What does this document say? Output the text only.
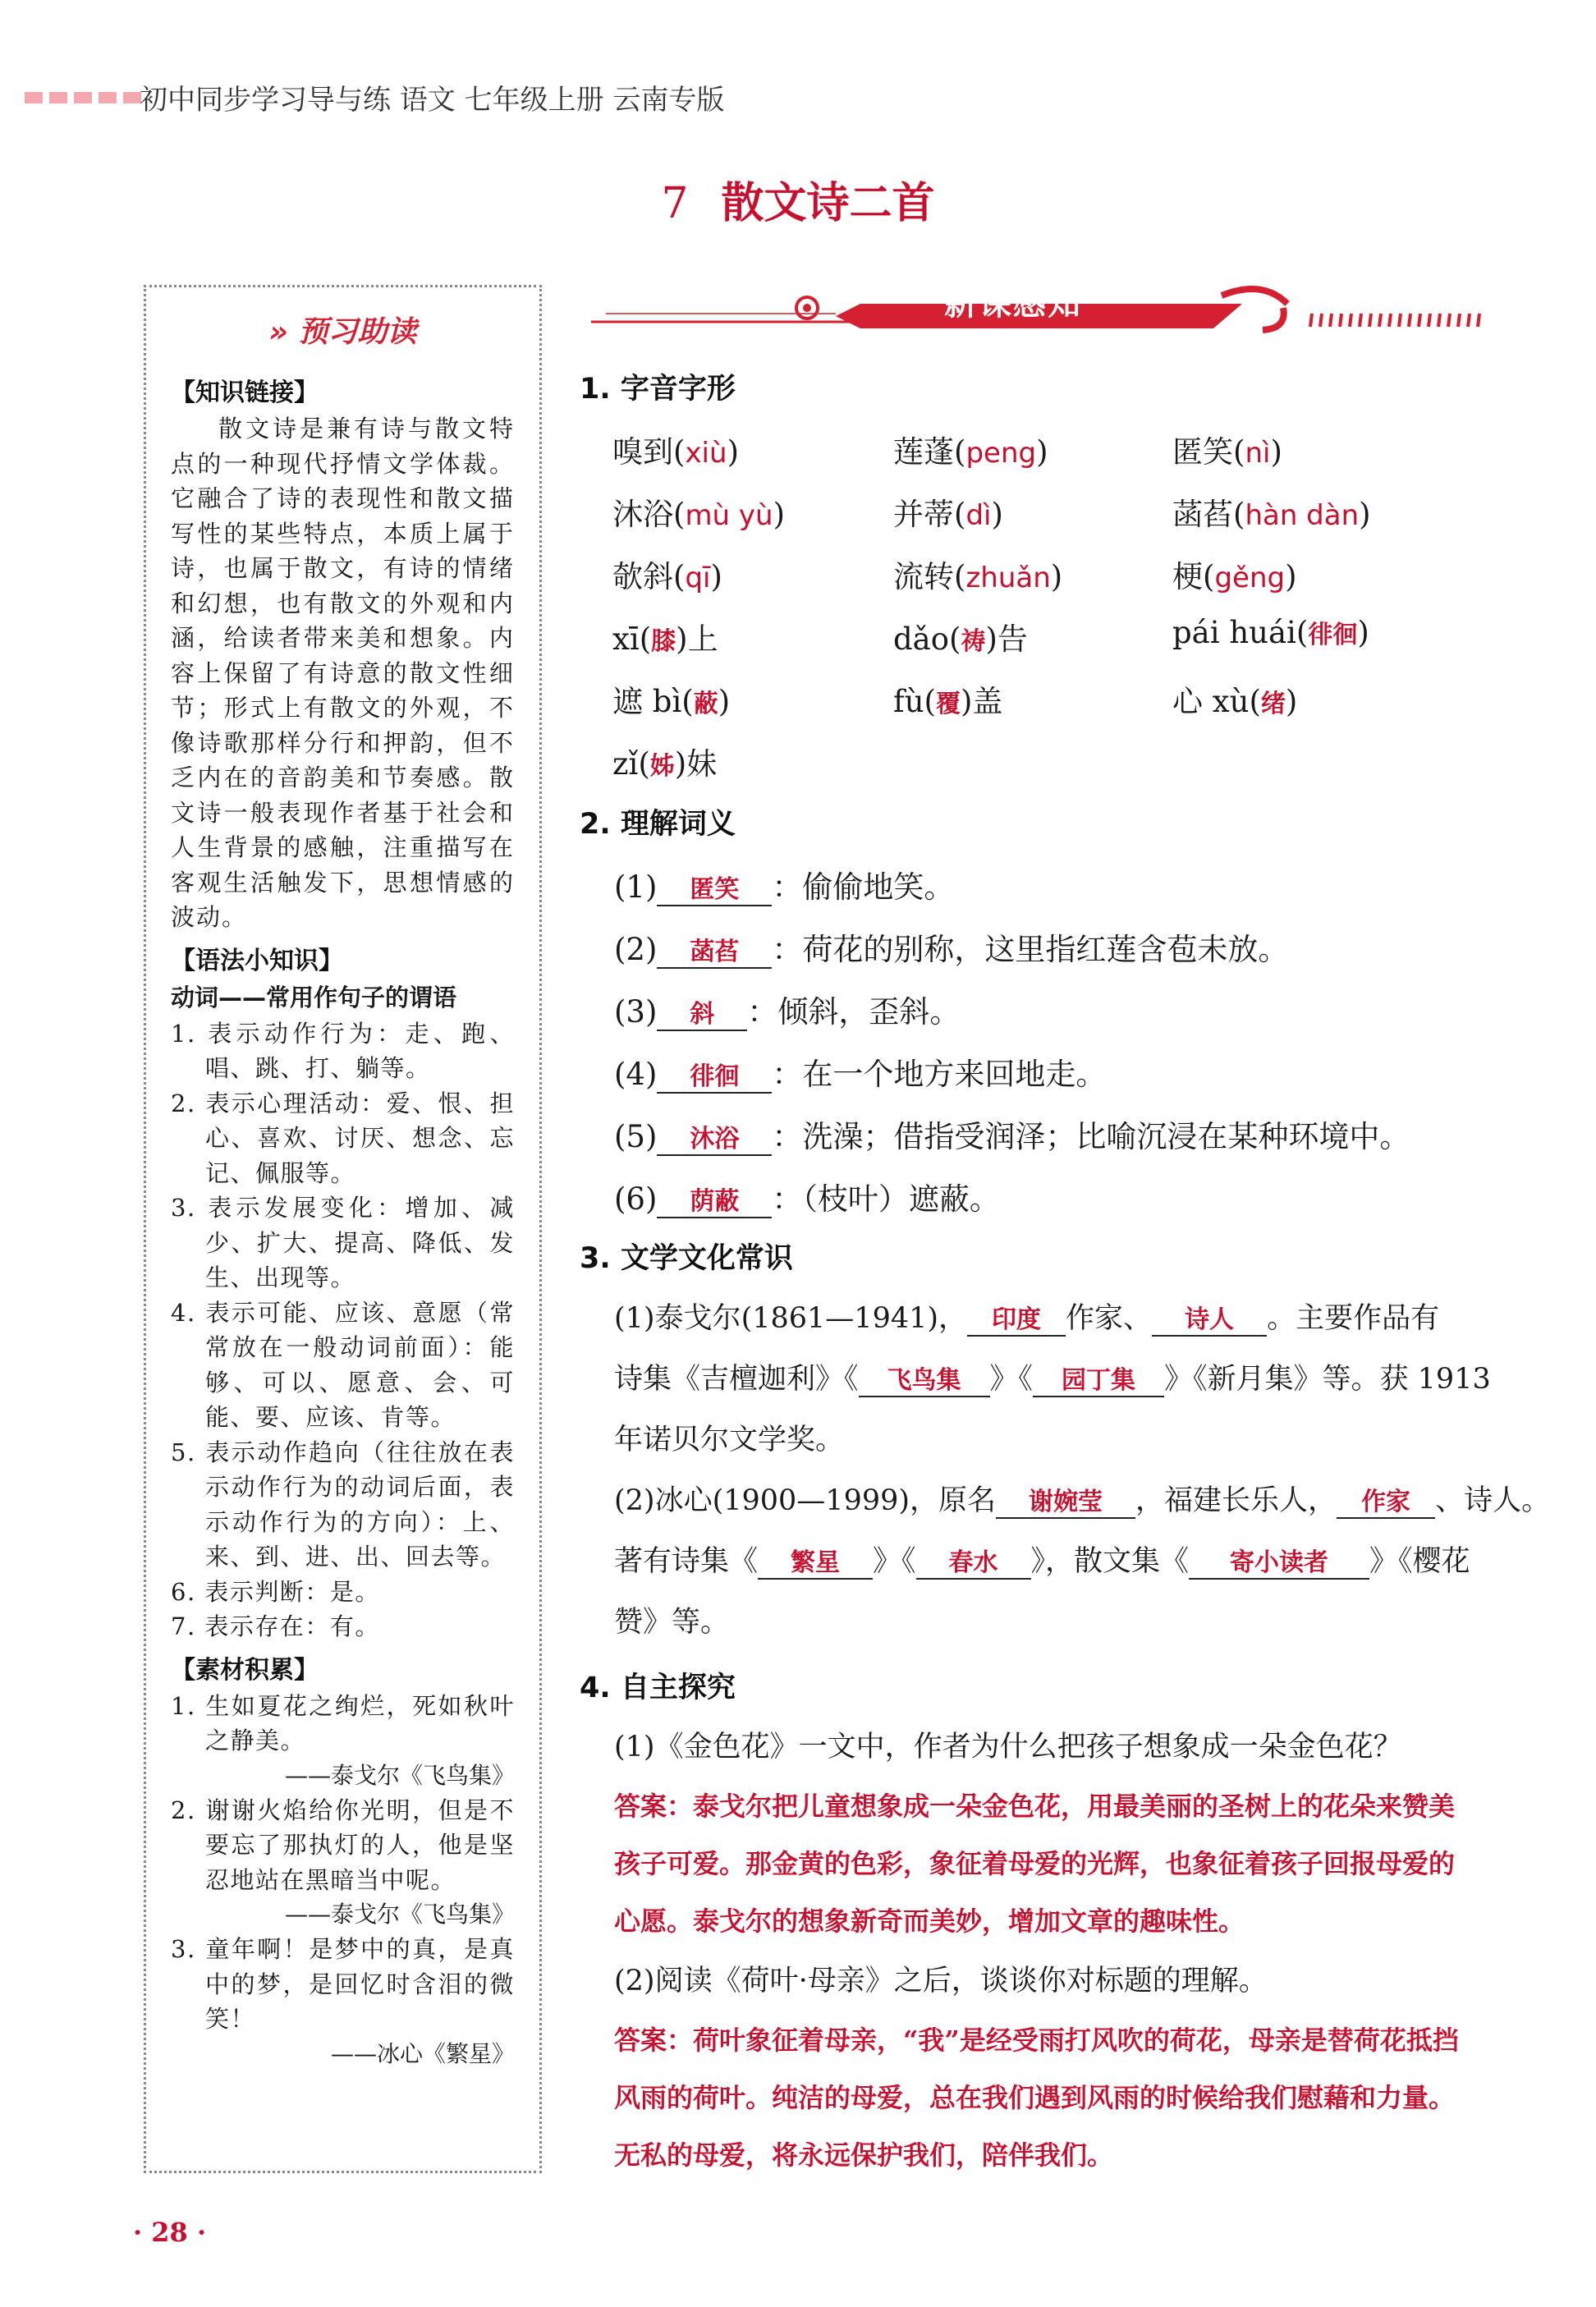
初中同步学习导与练 语文 七年级上册 云南专版
7 散文诗二首
» 预习助读
【知识链接】

散文诗是兼有诗与散文特点的一种现代抒情文学体裁。它融合了诗的表现性和散文描写性的某些特点，本质上属于诗，也属于散文，有诗的情绪和幻想，也有散文的外观和内涵，给读者带来美和想象。内容上保留了有诗意的散文性细节；形式上有散文的外观，不像诗歌那样分行和押韵，但不乏内在的音韵美和节奏感。散文诗一般表现作者基于社会和人生背景的感触，注重描写在客观生活触发下，思想情感的波动。

【语法小知识】
动词——常用作句子的谓语
1. 表示动作行为：走、跑、唱、跳、打、躺等。
2. 表示心理活动：爱、恨、担心、喜欢、讨厌、想念、忘记、佩服等。
3. 表示发展变化：增加、减少、扩大、提高、降低、发生、出现等。
4. 表示可能、应该、意愿（常常放在一般动词前面）：能够、可以、愿意、会、可能、要、应该、肯等。
5. 表示动作趋向（往往放在表示动作行为的动词后面，表示动作行为的方向）：上、来、到、进、出、回去等。
6. 表示判断：是。
7. 表示存在：有。
【素材积累】
1. 生如夏花之绚烂，死如秋叶之静美。
——泰戈尔《飞鸟集》
2. 谢谢火焰给你光明，但是不要忘了那执灯的人，他是坚忍地站在黑暗当中呢。
——泰戈尔《飞鸟集》
3. 童年啊！是梦中的真，是真中的梦，是回忆时含泪的微笑！
——冰心《繁星》
新课感知
1. 字音字形
嗅到(xiù)	莲蓬(peng)	匿笑(nì)
沐浴(mù yù)	并蒂(dì)	菡萏(hàn dàn)
欹斜(qī)	流转(zhuǎn)	梗(gěng)
xī(膝)上	dǎo(祷)告	pái huái(徘徊)
遮 bì(蔽)	fù(覆)盖	心 xù(绪)
zǐ(姊)妹
2. 理解词义
(1) 匿笑 ：偷偷地笑。
(2) 菡萏 ：荷花的别称，这里指红莲含苞未放。
(3) 斜 ：倾斜，歪斜。
(4) 徘徊 ：在一个地方来回地走。
(5) 沐浴 ：洗澡；借指受润泽；比喻沉浸在某种环境中。
(6) 荫蔽 ：（枝叶）遮蔽。
3. 文学文化常识
(1)泰戈尔(1861—1941)， 印度 作家、 诗人 。主要作品有
诗集《吉檀迦利》《 飞鸟集 》《 园丁集 》《新月集》等。获 1913
年诺贝尔文学奖。
(2)冰心(1900—1999)，原名 谢婉莹 ，福建长乐人， 作家 、诗人。
著有诗集《 繁星 》《 春水 》，散文集《 寄小读者 》《樱花
赞》等。
4. 自主探究
(1)《金色花》一文中，作者为什么把孩子想象成一朵金色花？

答案：泰戈尔把儿童想象成一朵金色花，用最美丽的圣树上的花朵来赞美

孩子可爱。那金黄的色彩，象征着母爱的光辉，也象征着孩子回报母爱的

心愿。泰戈尔的想象新奇而美妙，增加文章的趣味性。

(2)阅读《荷叶·母亲》之后，谈谈你对标题的理解。

答案：荷叶象征着母亲，“我”是经受雨打风吹的荷花，母亲是替荷花抵挡

风雨的荷叶。纯洁的母爱，总在我们遇到风雨的时候给我们慰藉和力量。

无私的母爱，将永远保护我们，陪伴我们。

· 28 ·
